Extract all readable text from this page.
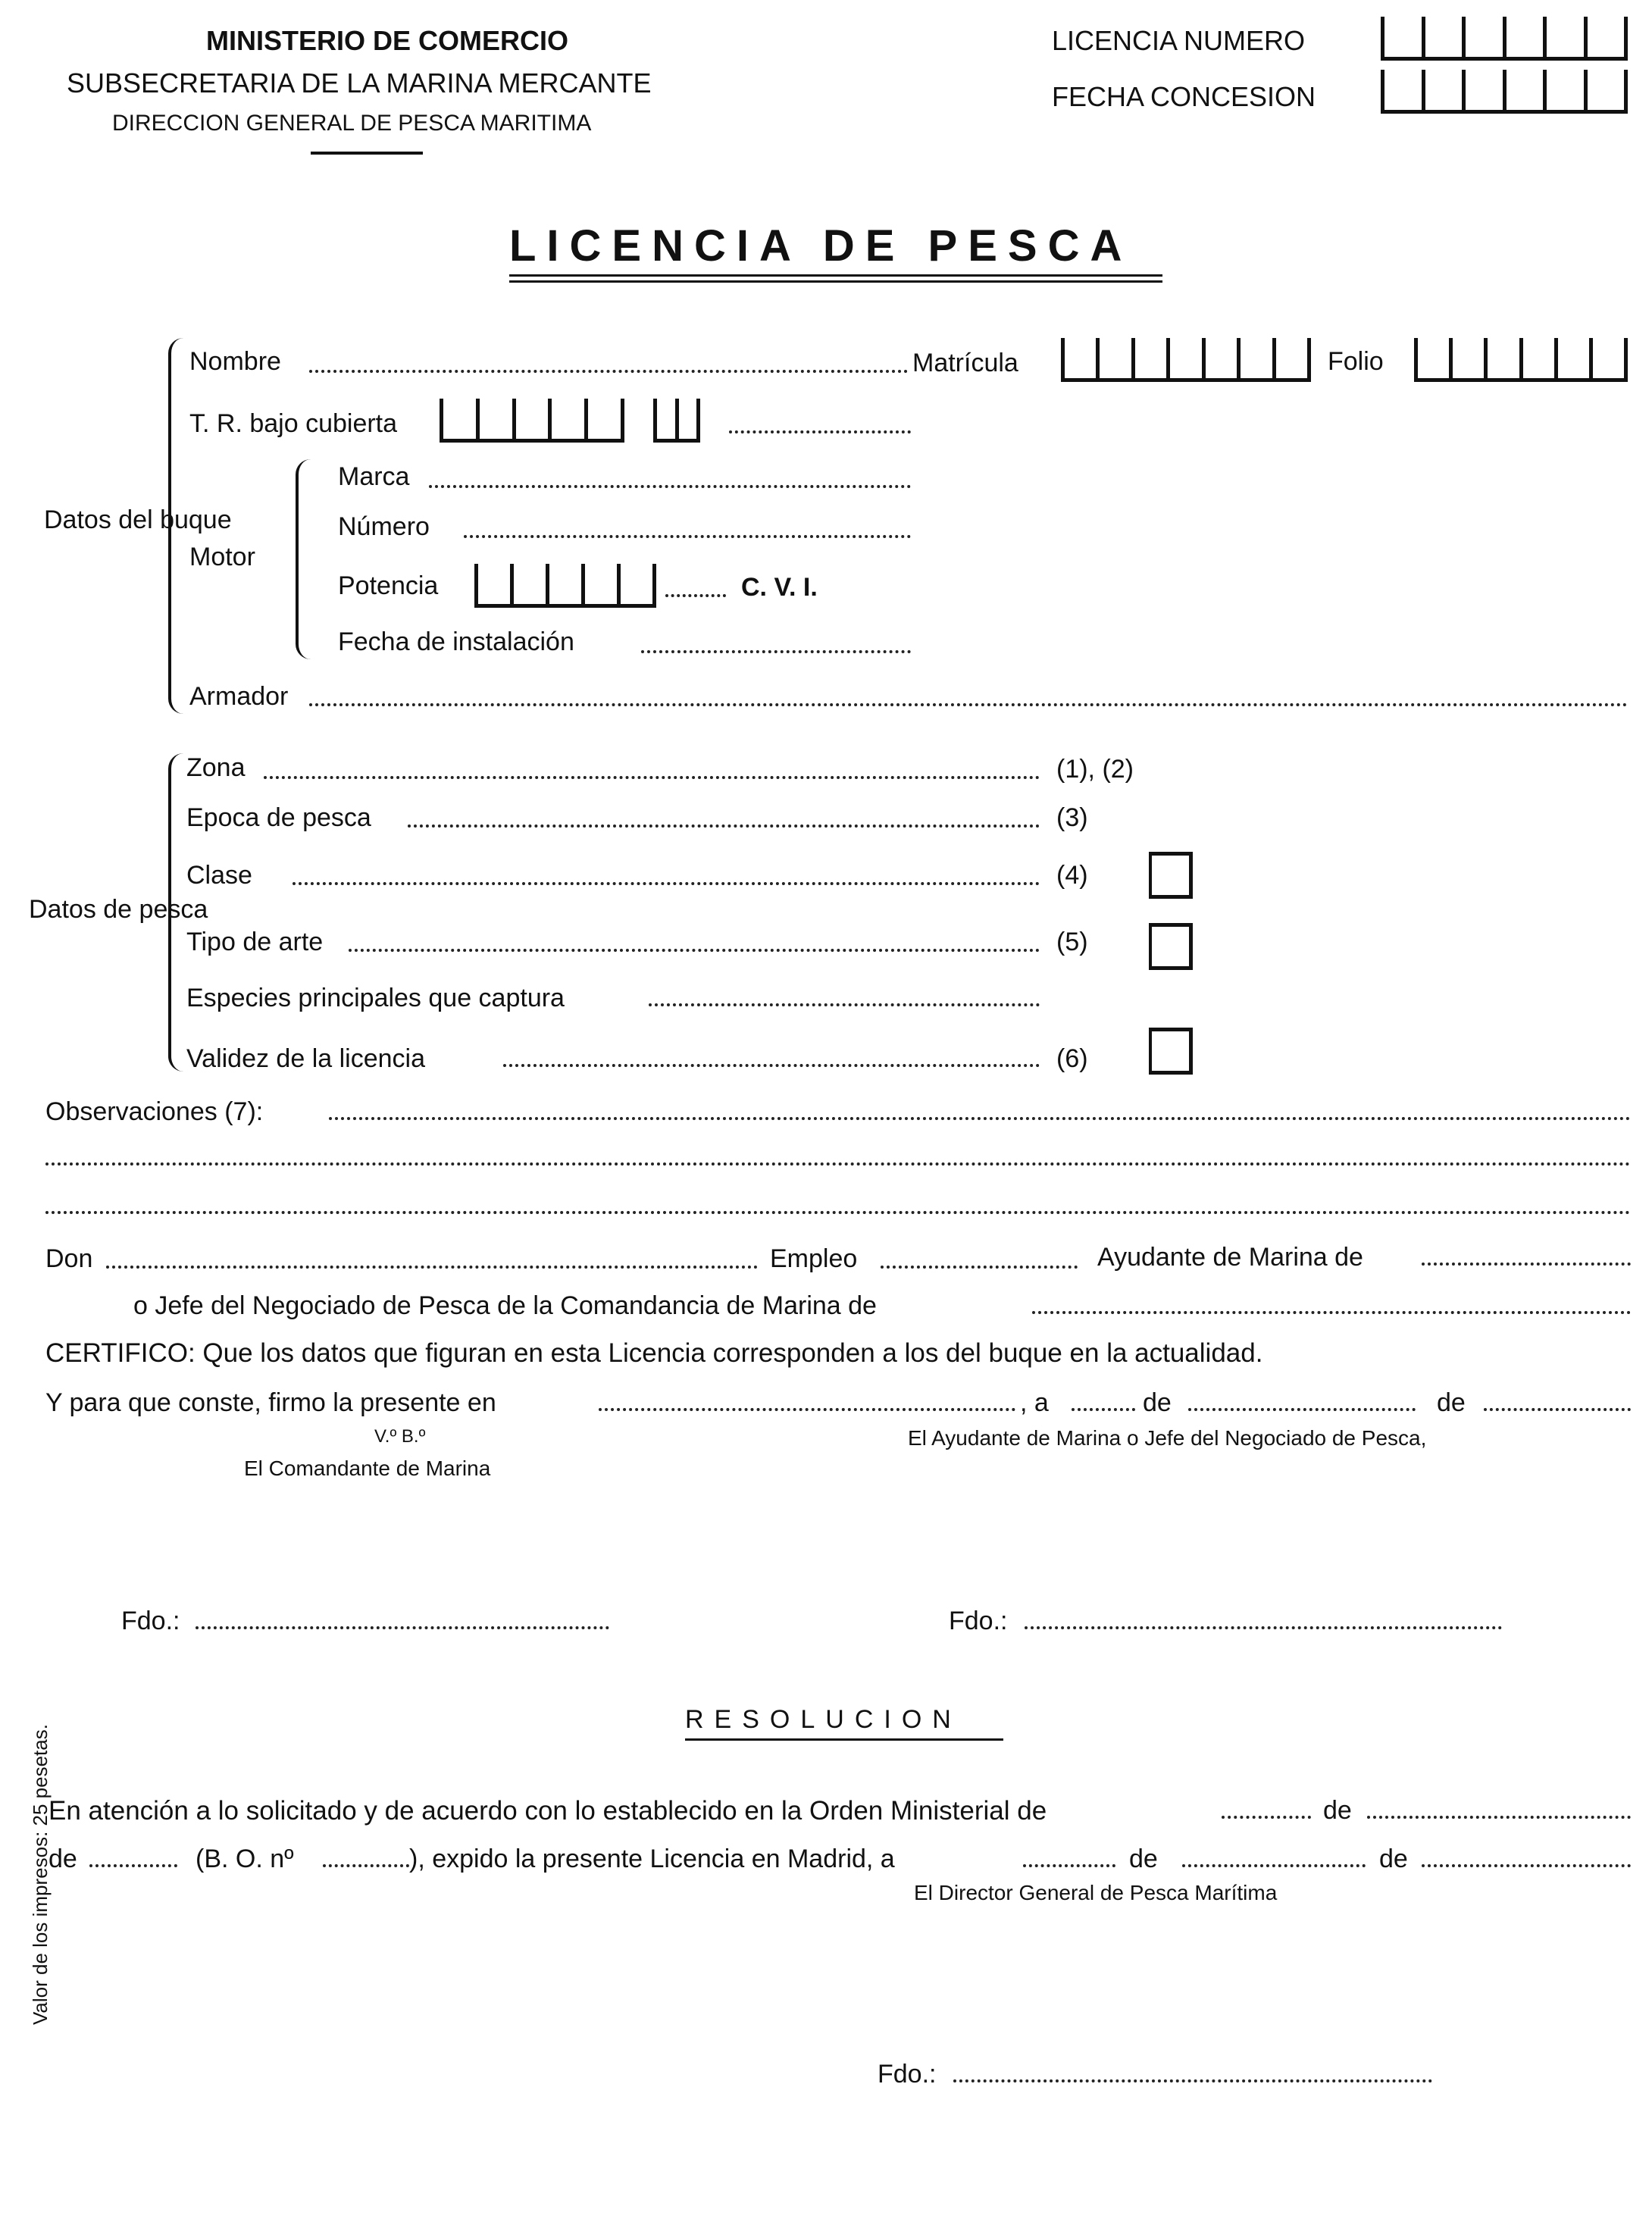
MINISTERIO DE COMERCIO
SUBSECRETARIA DE LA MARINA MERCANTE
DIRECCION GENERAL DE PESCA MARITIMA
LICENCIA NUMERO
FECHA CONCESION
LICENCIA DE PESCA
Datos del buque
Nombre	Matrícula	Folio
T. R. bajo cubierta
Motor
Marca
Número
Potencia	C. V. I.
Fecha de instalación
Armador
Datos de pesca
Zona	(1), (2)
Epoca de pesca	(3)
Clase	(4)
Tipo de arte	(5)
Especies principales que captura
Validez de la licencia	(6)
Observaciones (7):
Don	Empleo	Ayudante de Marina de
o Jefe del Negociado de Pesca de la Comandancia de Marina de
CERTIFICO: Que los datos que figuran en esta Licencia corresponden a los del buque en la actualidad.
Y para que conste, firmo la presente en	, a	de	de
V.º B.º
El Comandante de Marina
El Ayudante de Marina o Jefe del Negociado de Pesca,
Fdo.:	Fdo.:
RESOLUCION
En atención a lo solicitado y de acuerdo con lo establecido en la Orden Ministerial de	de
de	(B. O. nº	), expido la presente Licencia en Madrid, a	de	de
El Director General de Pesca Marítima
Fdo.:
Valor de los impresos: 25 pesetas.
